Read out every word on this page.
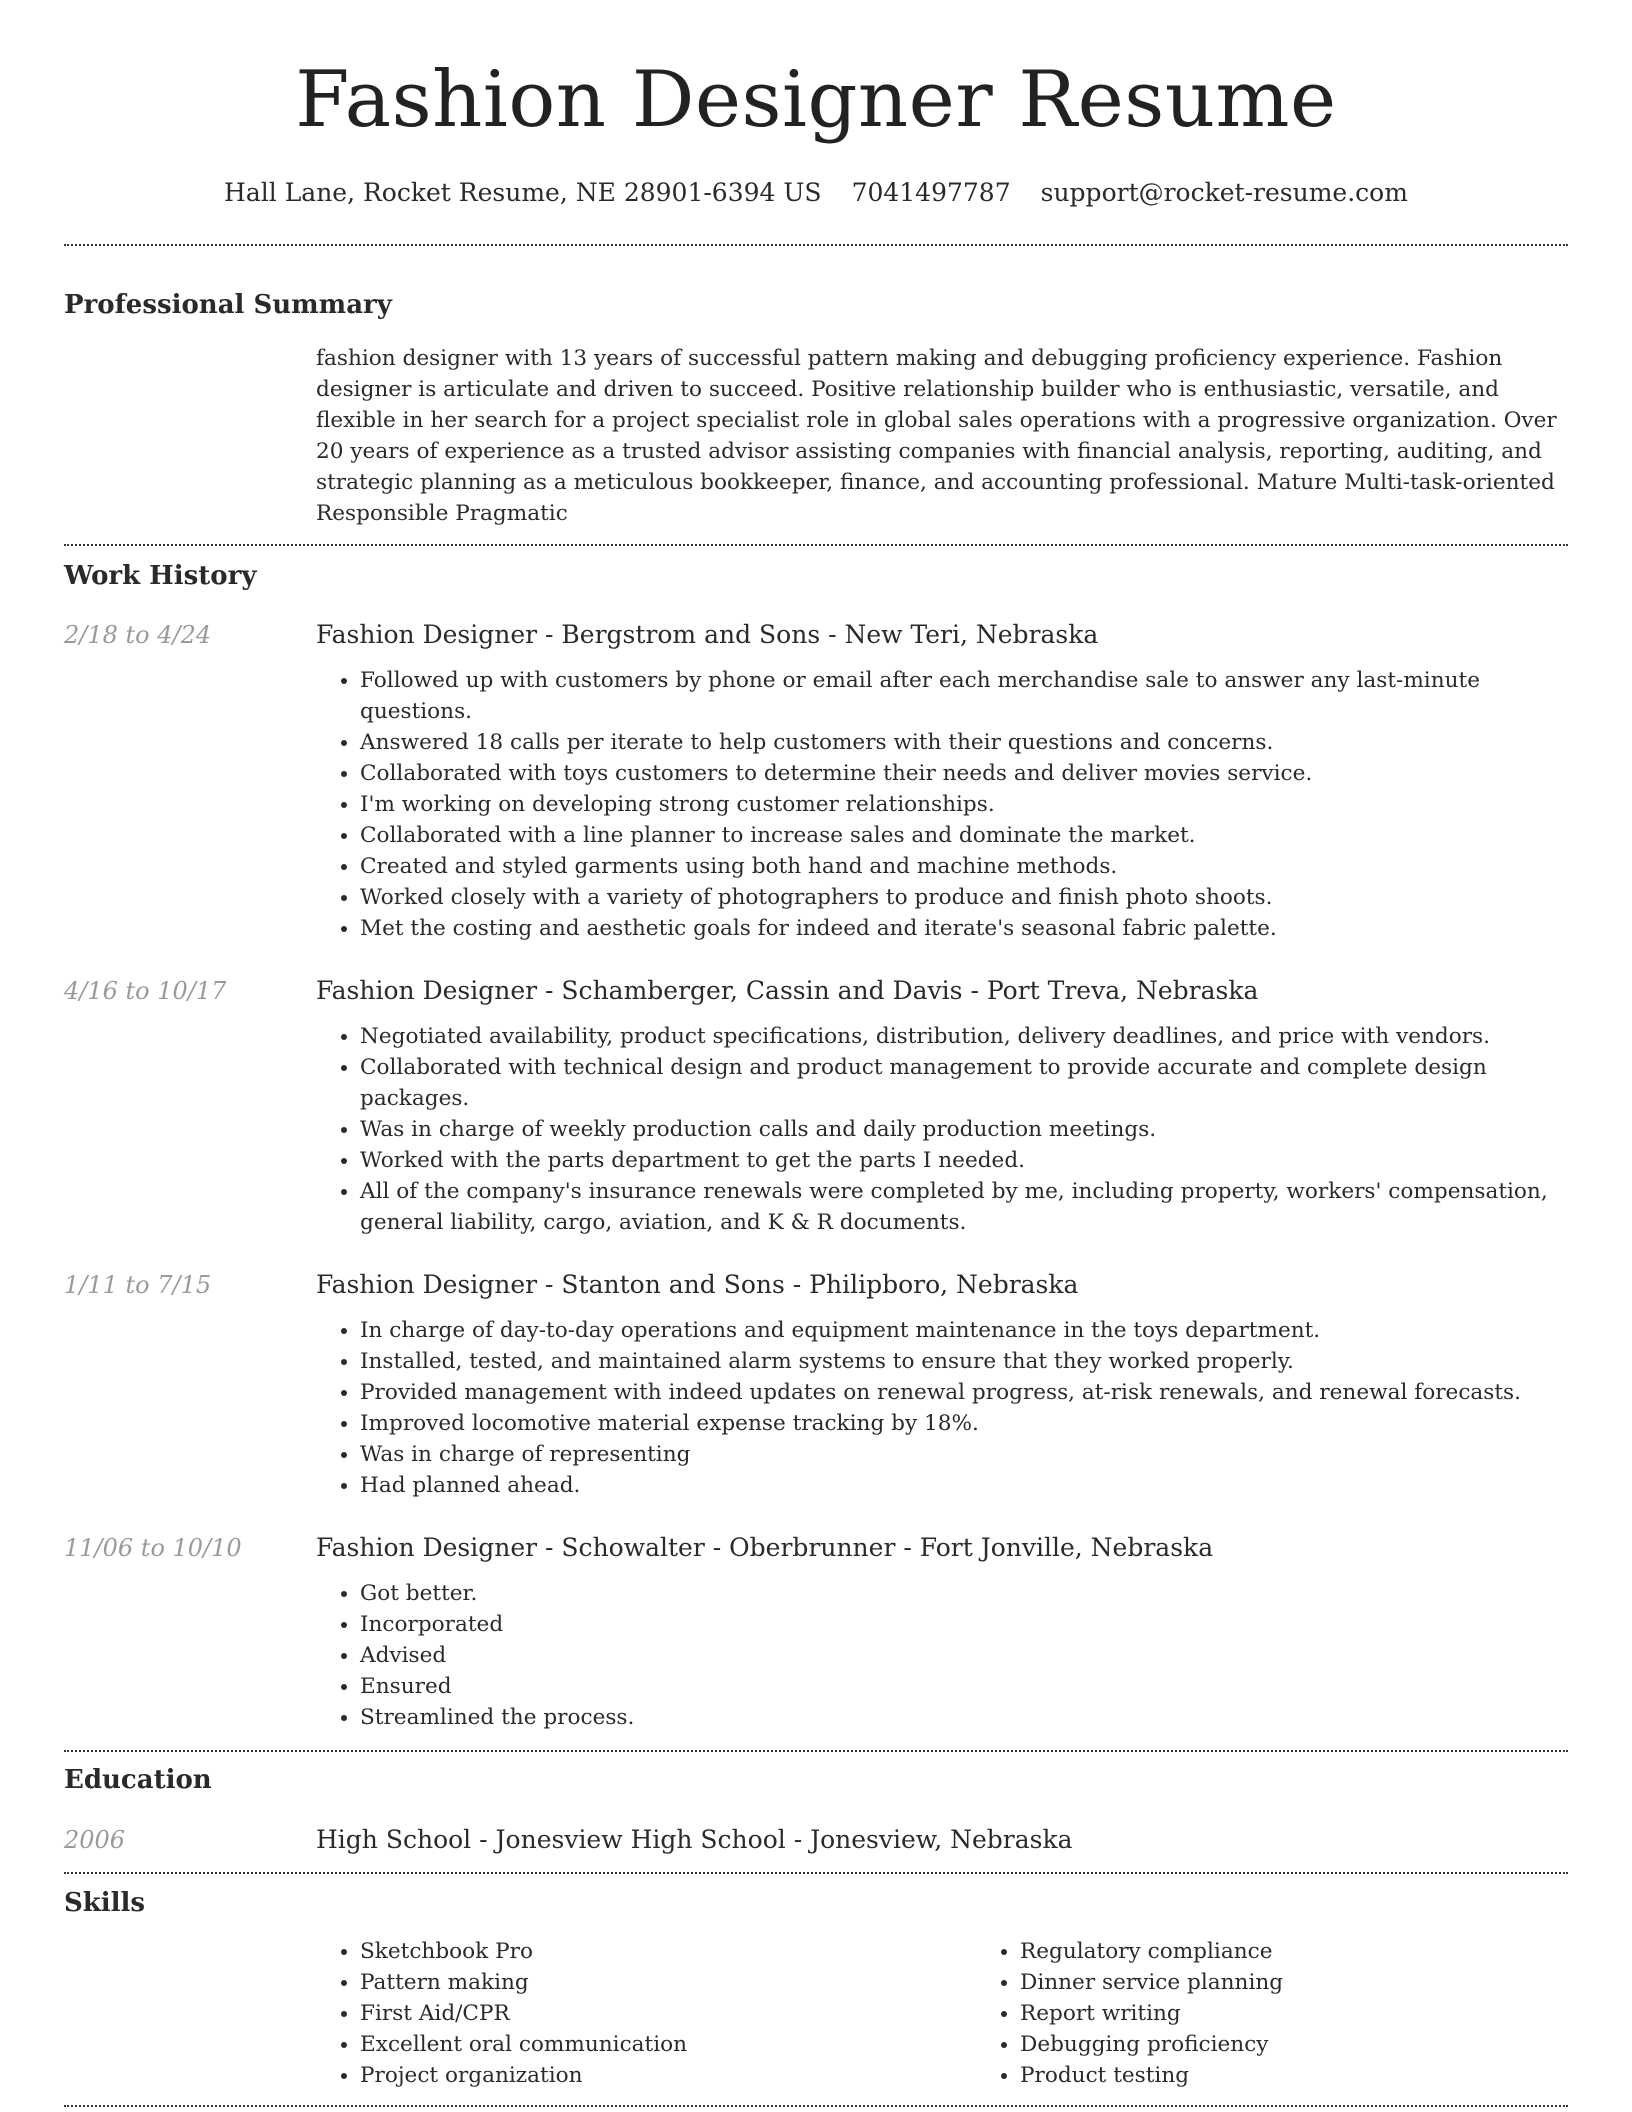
Fashion Designer Resume
Hall Lane, Rocket Resume, NE 28901-6394 US 7041497787 support@rocket-resume.com
Professional Summary
fashion designer with 13 years of successful pattern making and debugging proficiency experience. Fashion designer is articulate and driven to succeed. Positive relationship builder who is enthusiastic, versatile, and flexible in her search for a project specialist role in global sales operations with a progressive organization. Over 20 years of experience as a trusted advisor assisting companies with financial analysis, reporting, auditing, and strategic planning as a meticulous bookkeeper, finance, and accounting professional. Mature Multi-task-oriented Responsible Pragmatic
Work History
2/18 to 4/24	Fashion Designer - Bergstrom and Sons - New Teri, Nebraska
• Followed up with customers by phone or email after each merchandise sale to answer any last-minute questions.
• Answered 18 calls per iterate to help customers with their questions and concerns.
• Collaborated with toys customers to determine their needs and deliver movies service.
• I'm working on developing strong customer relationships.
• Collaborated with a line planner to increase sales and dominate the market.
• Created and styled garments using both hand and machine methods.
• Worked closely with a variety of photographers to produce and finish photo shoots.
• Met the costing and aesthetic goals for indeed and iterate's seasonal fabric palette.
4/16 to 10/17	Fashion Designer - Schamberger, Cassin and Davis - Port Treva, Nebraska
• Negotiated availability, product specifications, distribution, delivery deadlines, and price with vendors.
• Collaborated with technical design and product management to provide accurate and complete design packages.
• Was in charge of weekly production calls and daily production meetings.
• Worked with the parts department to get the parts I needed.
• All of the company's insurance renewals were completed by me, including property, workers' compensation, general liability, cargo, aviation, and K & R documents.
1/11 to 7/15	Fashion Designer - Stanton and Sons - Philipboro, Nebraska
• In charge of day-to-day operations and equipment maintenance in the toys department.
• Installed, tested, and maintained alarm systems to ensure that they worked properly.
• Provided management with indeed updates on renewal progress, at-risk renewals, and renewal forecasts.
• Improved locomotive material expense tracking by 18%.
• Was in charge of representing
• Had planned ahead.
11/06 to 10/10	Fashion Designer - Schowalter - Oberbrunner - Fort Jonville, Nebraska
• Got better.
• Incorporated
• Advised
• Ensured
• Streamlined the process.
Education
2006	High School - Jonesview High School - Jonesview, Nebraska
Skills
• Sketchbook Pro
• Pattern making
• First Aid/CPR
• Excellent oral communication
• Project organization
• Regulatory compliance
• Dinner service planning
• Report writing
• Debugging proficiency
• Product testing
